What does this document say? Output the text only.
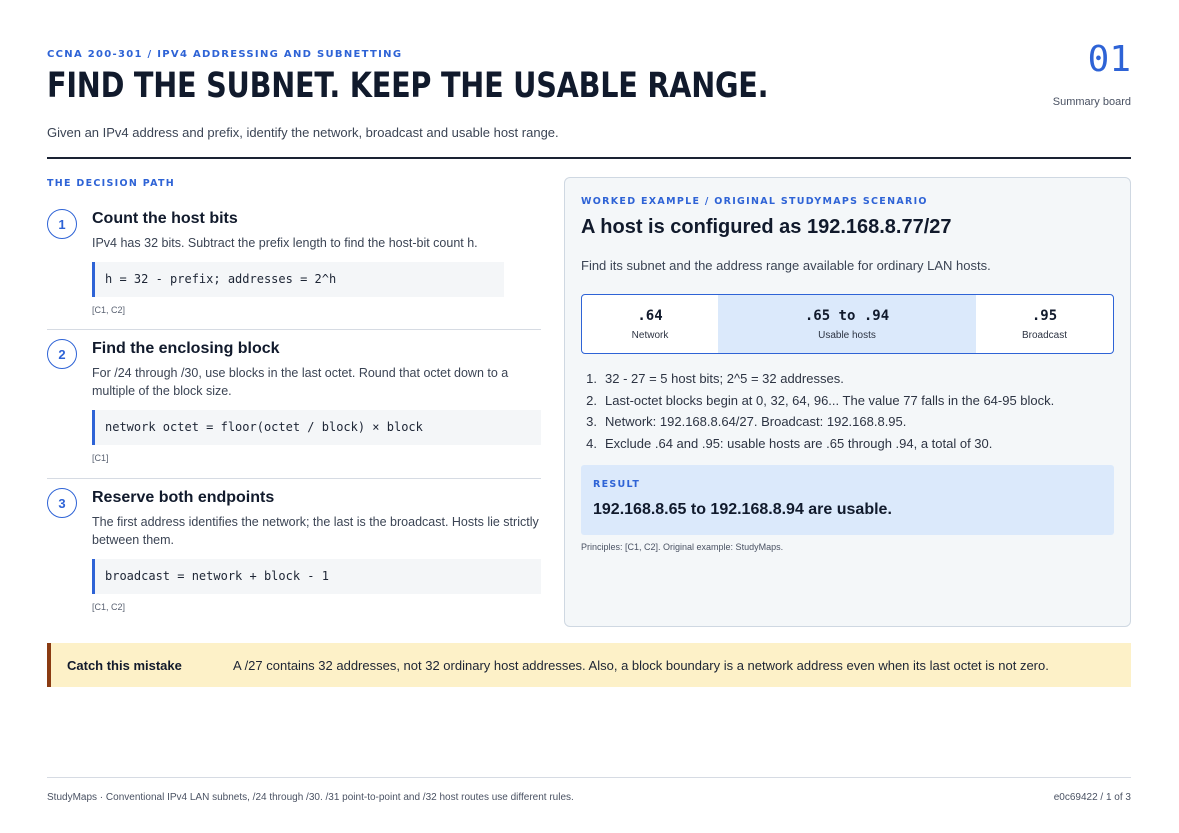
CCNA 200-301 / IPV4 ADDRESSING AND SUBNETTING
FIND THE SUBNET. KEEP THE USABLE RANGE.
Given an IPv4 address and prefix, identify the network, broadcast and usable host range.
01
Summary board
THE DECISION PATH
1	Count the host bits
IPv4 has 32 bits. Subtract the prefix length to find the host-bit count h.
h = 32 - prefix; addresses = 2^h
[C1, C2]
2	Find the enclosing block
For /24 through /30, use blocks in the last octet. Round that octet down to a multiple of the block size.
network octet = floor(octet / block) × block
[C1]
3	Reserve both endpoints
The first address identifies the network; the last is the broadcast. Hosts lie strictly between them.
broadcast = network + block - 1
[C1, C2]
WORKED EXAMPLE / ORIGINAL STUDYMAPS SCENARIO
A host is configured as 192.168.8.77/27
Find its subnet and the address range available for ordinary LAN hosts.
.64
Network
.65 to .94
Usable hosts
.95
Broadcast
1. 32 - 27 = 5 host bits; 2^5 = 32 addresses.
2. Last-octet blocks begin at 0, 32, 64, 96... The value 77 falls in the 64-95 block.
3. Network: 192.168.8.64/27. Broadcast: 192.168.8.95.
4. Exclude .64 and .95: usable hosts are .65 through .94, a total of 30.
RESULT
192.168.8.65 to 192.168.8.94 are usable.
Principles: [C1, C2]. Original example: StudyMaps.
Catch this mistake	A /27 contains 32 addresses, not 32 ordinary host addresses. Also, a block boundary is a network address even when its last octet is not zero.
StudyMaps · Conventional IPv4 LAN subnets, /24 through /30. /31 point-to-point and /32 host routes use different rules.	e0c69422 / 1 of 3
